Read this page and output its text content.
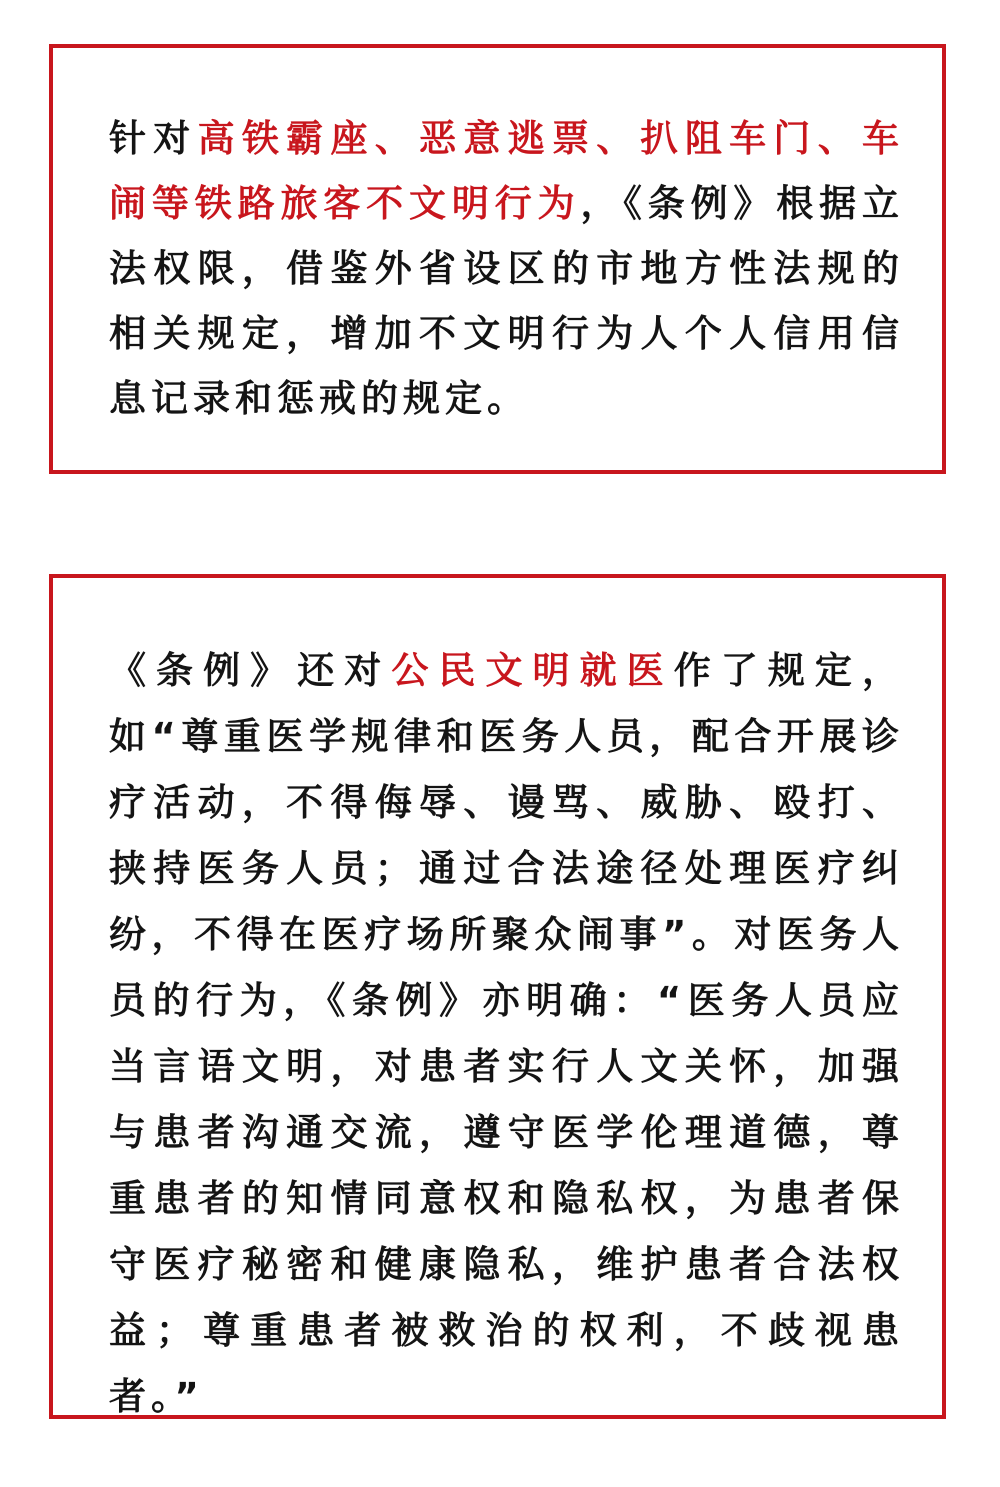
针对高铁霸座、恶意逃票、扒阻车门、车闹等铁路旅客不文明行为，《条例》根据立法权限，借鉴外省设区的市地方性法规的相关规定，增加不文明行为人个人信用信息记录和惩戒的规定。

《条例》还对公民文明就医作了规定，如“尊重医学规律和医务人员，配合开展诊疗活动，不得侮辱、谩骂、威胁、殴打、挟持医务人员；通过合法途径处理医疗纠纷，不得在医疗场所聚众闹事”。对医务人员的行为，《条例》亦明确：“医务人员应当言语文明，对患者实行人文关怀，加强与患者沟通交流，遵守医学伦理道德，尊重患者的知情同意权和隐私权，为患者保守医疗秘密和健康隐私，维护患者合法权益；尊重患者被救治的权利，不歧视患者。”
